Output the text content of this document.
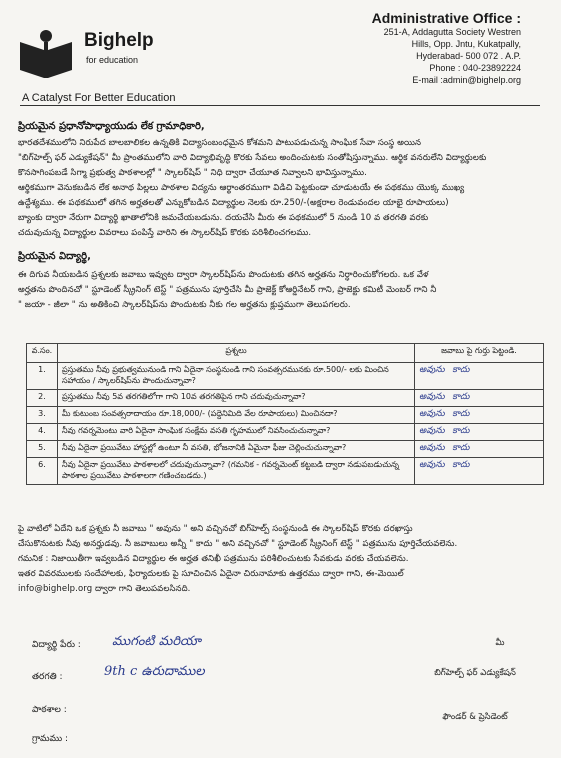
Bighelp
for education
A Catalyst For Better Education
Administrative Office :
251-A, Addagutta Society Westren
Hills, Opp. Jntu, Kukatpally,
Hyderabad- 500 072 . A.P.
Phone : 040-23892224
E-mail :admin@bighelp.org
ప్రియమైన ప్రధానోపాధ్యాయుడు లేక గ్రామాధికారి,
భారతదేశములోని నిరుపేద బాలబాలికల ఉన్నతికి విద్యాసంబంధమైన కోశమని పాటుపడుచున్న సాంఘిక సేవా సంస్థ అయిన
"బిగ్‌హెల్ప్ ఫర్ ఎడ్యుకేషన్" మీ ప్రాంతములోని వారి విద్యాభివృద్ధి కొరకు సేవలు అందించుటకు సంతోషిస్తున్నాము. ఆర్థిక వనరులేని విద్యార్థులకు
కొనసాగింపబడే సిగ్మా ప్రభుత్వ పాఠశాలల్లో " స్కాలర్‌షిప్ " నిధి ద్వారా చేయూత నివ్వాలని భావిస్తున్నాము.
ఆర్థికముగా వెనుకబడిన లేక అనాథ పిల్లలు పాఠశాల విద్యను ఆర్థాంతరముగా విడిచి పెట్టకుండా చూడుటయే ఈ పథకము యొక్క ముఖ్య
ఉద్దేశ్యము. ఈ పథకములో తగిన అర్హతలతో ఎన్నుకోబడిన విద్యార్థుల నెలకు రూ.250/-(అక్షరాల రెండువందల యాభై రూపాయలు)
బ్యాంకు ద్వారా నేరుగా విద్యార్థి ఖాతాలోనికి జమచేయబడును. దయచేసి మీరు ఈ పథకములో 5 నుండి 10 వ తరగతి వరకు
చదువుచున్న విద్యార్థుల వివరాలు పంపిస్తే వారిని ఈ స్కాలర్‌షిప్ కొరకు పరిశీలించగలము.
ప్రియమైన విద్యార్థి,
ఈ దిగువ నీయబడిన ప్రశ్నలకు జవాబు ఇవ్వుట ద్వారా స్కాలర్‌షిప్‌ను పొందుటకు తగిన అర్హతను నిర్ధారించుకోగలరు. ఒక వేళ
అర్హతను పొందినచో " స్టూడెంట్ స్క్రీనింగ్ టెస్ట్ " పత్రమును పూర్తిచేసి మీ ప్రాజెక్ట్ కోఆర్డినేటర్ గాని, ప్రాజెక్టు కమిటీ మెంబర్ గాని నీ
" జయా - జీలా " ను అతికించి స్కాలర్‌షిప్‌ను పొందుటకు నీకు గల అర్హతను క్లుప్తముగా తెలుపగలరు.
వ.సం.	ప్రశ్నలు	జవాబు పై గుర్తు పెట్టండి.
1.	ప్రస్తుతము నీవు ప్రభుత్వమునుండి గాని ఏదైనా సంస్థనుండి గాని సంవత్సరమునకు రూ.500/- లకు మించిన సహాయం / స్కాలర్‌షిప్‌ను పొందుచున్నావా?	అవును కాదు
2.	ప్రస్తుతము నీవు 5వ తరగతిలోగా గాని 10వ తరగతిపైన గాని చదువుచున్నావా?	అవును కాదు
3.	మీ కుటుంబ సంవత్సరాదాయం రూ.18,000/- (పద్దెనిమిది వేల రూపాయలు) మించినదా?	అవును కాదు
4.	నీవు గవర్నమెంటు వారి ఏదైనా సాంఘిక సంక్షేమ వసతి గృహములో నివసించుచున్నావా?	అవును కాదు
5.	నీవు ఏదైనా ప్రయివేటు హాస్టల్లో ఉంటూ నీ వసతి, భోజనానికి ఏమైనా ఫీజు చెల్లించుచున్నావా?	అవును కాదు
6.	నీవు ఏదైనా ప్రయివేటు పాఠశాలలో చదువుచున్నావా? (గమనిక - గవర్నమెంట్ కట్టబడి ద్వారా నడుపబడుచున్న పాఠశాల ప్రయివేటు పాఠశాలగా గణించబడదు.)	అవును కాదు
పై వాటిలో ఏదేని ఒక ప్రశ్నకు నీ జవాబు " అవును " అని వచ్చినచో బిగ్‌హెల్ప్ సంస్థనుండి ఈ స్కాలర్‌షిప్ కొరకు దరఖాస్తు
చేసుకొనుటకు నీవు అనర్హుడవు. నీ జవాబులు అన్నీ " కాదు " అని వచ్చినచో " స్టూడెంట్ స్క్రీనింగ్ టెస్ట్ " పత్రమును పూర్తిచేయవలెను.
గమనిక : నిజాయితీగా ఇవ్వబడిన విద్యార్థుల ఈ అర్హత తనిఖీ పత్రమును పరిశీలించుటకు సేవకుడు వరకు చేయవలెను.
ఇతర వివరములకు సందేహాలకు, ఫిర్యాదులకు పై సూచించిన ఏదైనా చిరునామాకు ఉత్తరము ద్వారా గాని, ఈ-మెయిల్
info@bighelp.org ద్వారా గాని తెలుపవలసినది.
విద్యార్థి పేరు : ముగంటి మరియా
తరగతి :	9th c ఉరుదాముల
పాఠశాల :
గ్రామము :
మీ
బిగ్‌హెల్ప్ ఫర్ ఎడ్యుకేషన్
ఫౌండర్ & ప్రెసిడెంట్
